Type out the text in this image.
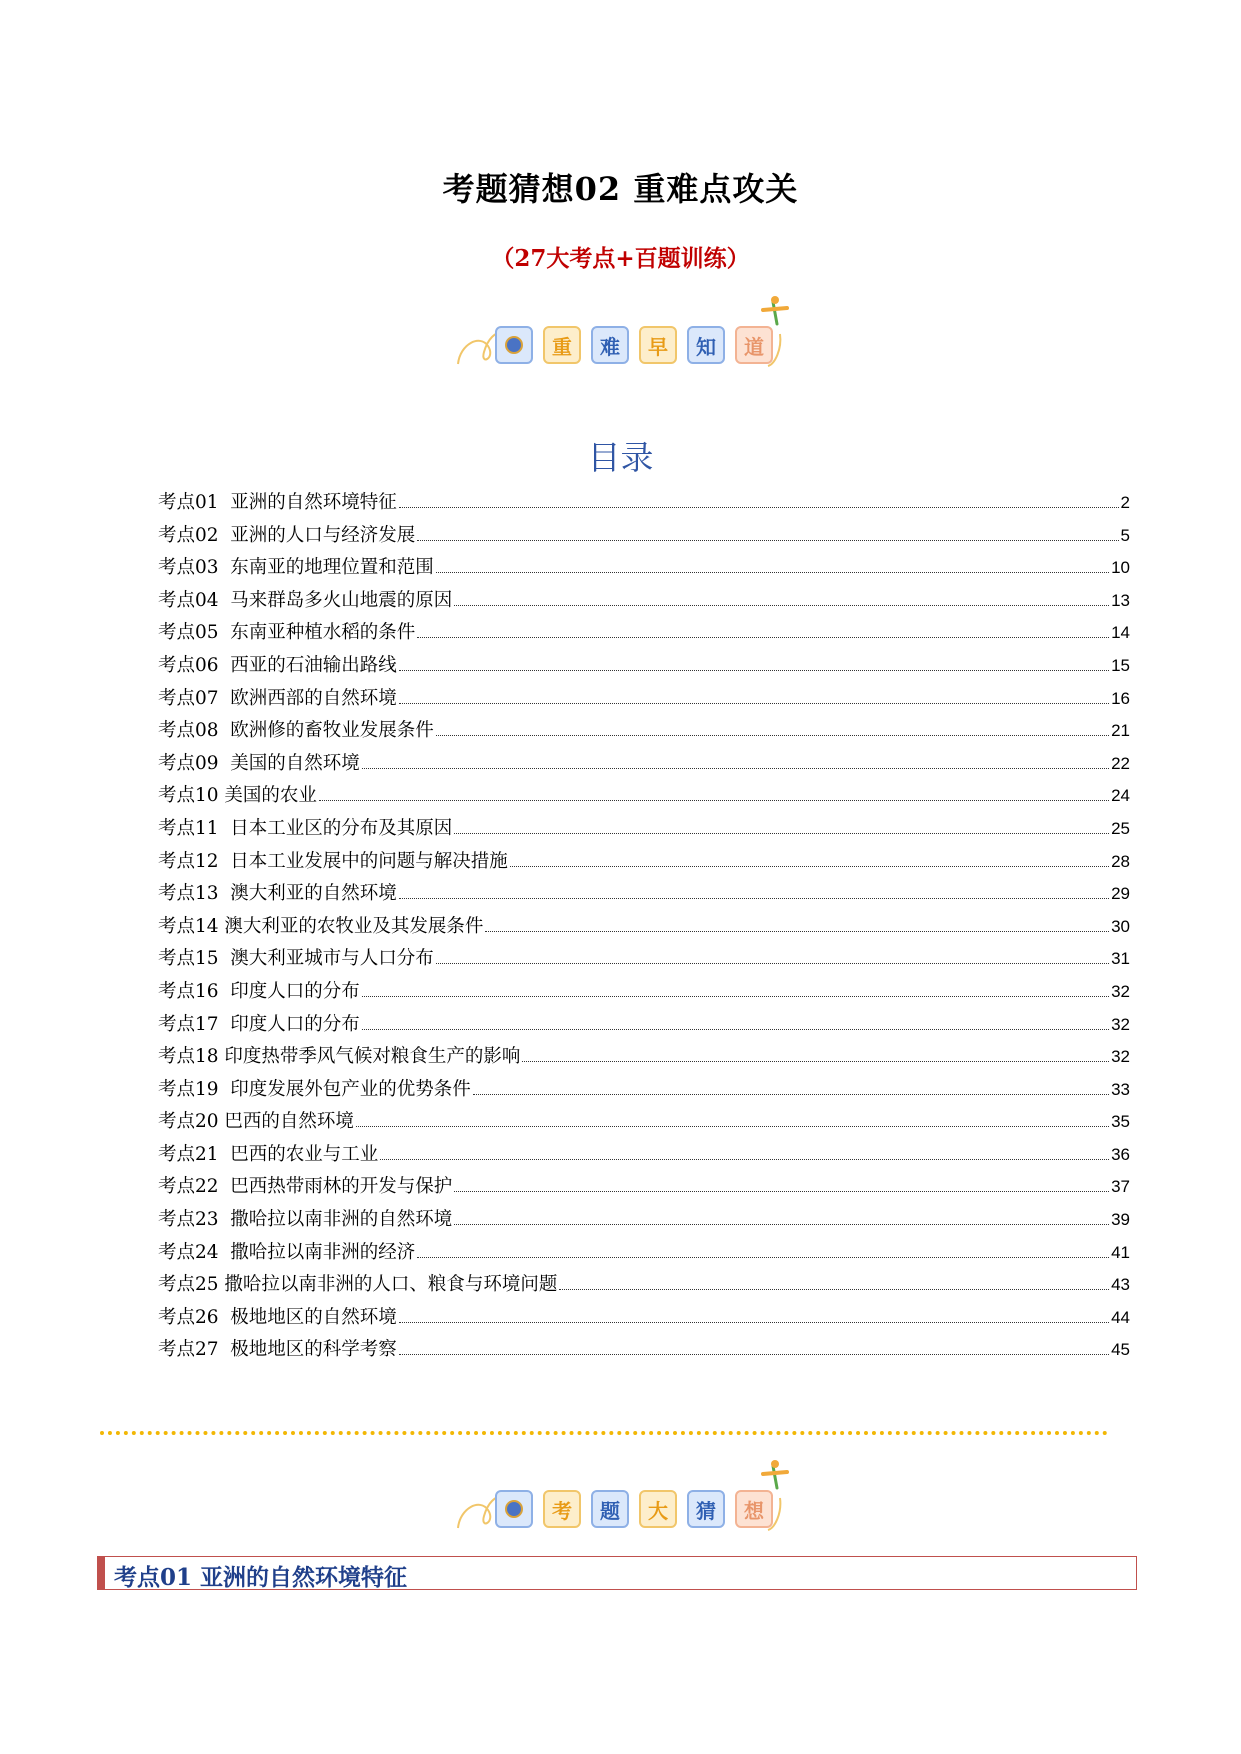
考题猜想02 重难点攻关
（27大考点+百题训练）
重	难	早	知	道
目录
考点01  亚洲的自然环境特征	2
考点02  亚洲的人口与经济发展	5
考点03  东南亚的地理位置和范围	10
考点04  马来群岛多火山地震的原因	13
考点05  东南亚种植水稻的条件	14
考点06  西亚的石油输出路线	15
考点07  欧洲西部的自然环境	16
考点08  欧洲修的畜牧业发展条件	21
考点09  美国的自然环境	22
考点10 美国的农业	24
考点11  日本工业区的分布及其原因	25
考点12  日本工业发展中的问题与解决措施	28
考点13  澳大利亚的自然环境	29
考点14 澳大利亚的农牧业及其发展条件	30
考点15  澳大利亚城市与人口分布	31
考点16  印度人口的分布	32
考点17  印度人口的分布	32
考点18 印度热带季风气候对粮食生产的影响	32
考点19  印度发展外包产业的优势条件	33
考点20 巴西的自然环境	35
考点21  巴西的农业与工业	36
考点22  巴西热带雨林的开发与保护	37
考点23  撒哈拉以南非洲的自然环境	39
考点24  撒哈拉以南非洲的经济	41
考点25 撒哈拉以南非洲的人口、粮食与环境问题	43
考点26  极地地区的自然环境	44
考点27  极地地区的科学考察	45
考	题	大	猜	想
考点01 亚洲的自然环境特征
